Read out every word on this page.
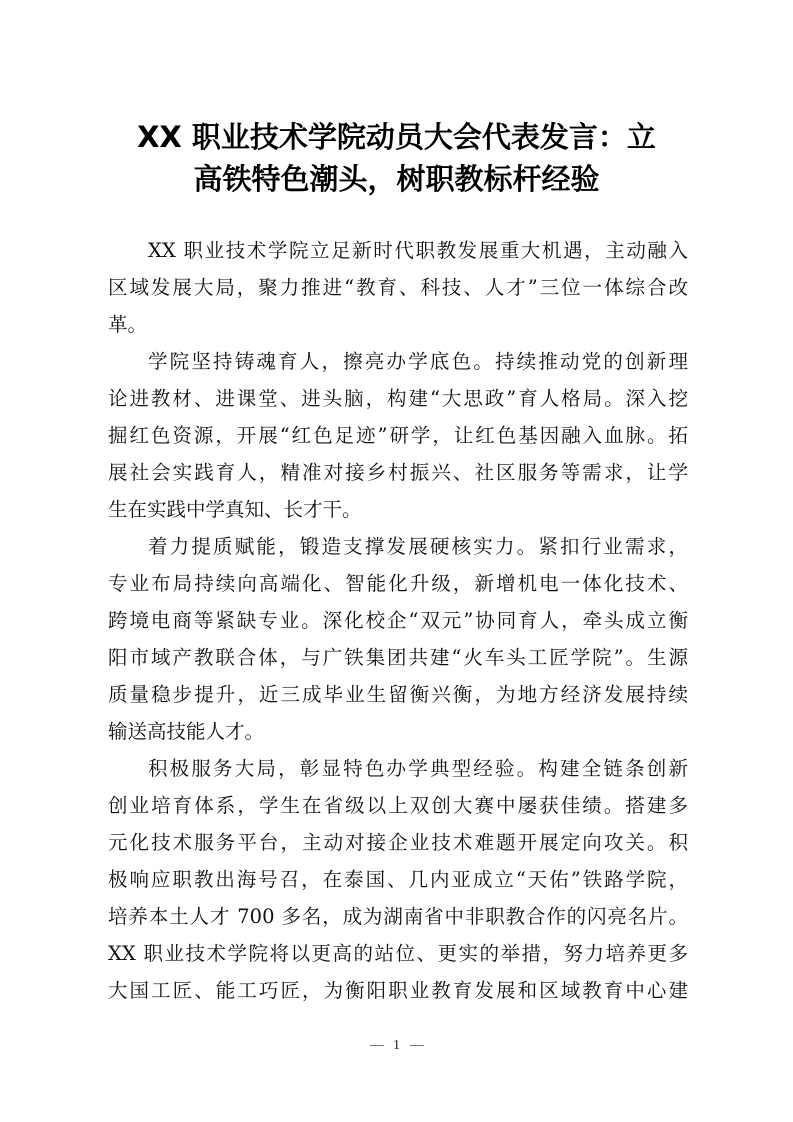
XX 职业技术学院动员大会代表发言：立
高铁特色潮头，树职教标杆经验
XX 职业技术学院立足新时代职教发展重大机遇，主动融入
区域发展大局，聚力推进“教育、科技、人才”三位一体综合改
革。
学院坚持铸魂育人，擦亮办学底色。持续推动党的创新理
论进教材、进课堂、进头脑，构建“大思政”育人格局。深入挖
掘红色资源，开展“红色足迹”研学，让红色基因融入血脉。拓
展社会实践育人，精准对接乡村振兴、社区服务等需求，让学
生在实践中学真知、长才干。
着力提质赋能，锻造支撑发展硬核实力。紧扣行业需求，
专业布局持续向高端化、智能化升级，新增机电一体化技术、
跨境电商等紧缺专业。深化校企“双元”协同育人，牵头成立衡
阳市域产教联合体，与广铁集团共建“火车头工匠学院”。生源
质量稳步提升，近三成毕业生留衡兴衡，为地方经济发展持续
输送高技能人才。
积极服务大局，彰显特色办学典型经验。构建全链条创新
创业培育体系，学生在省级以上双创大赛中屡获佳绩。搭建多
元化技术服务平台，主动对接企业技术难题开展定向攻关。积
极响应职教出海号召，在泰国、几内亚成立“天佑”铁路学院，
培养本土人才 700 多名，成为湖南省中非职教合作的闪亮名片。
XX 职业技术学院将以更高的站位、更实的举措，努力培养更多
大国工匠、能工巧匠，为衡阳职业教育发展和区域教育中心建
1
